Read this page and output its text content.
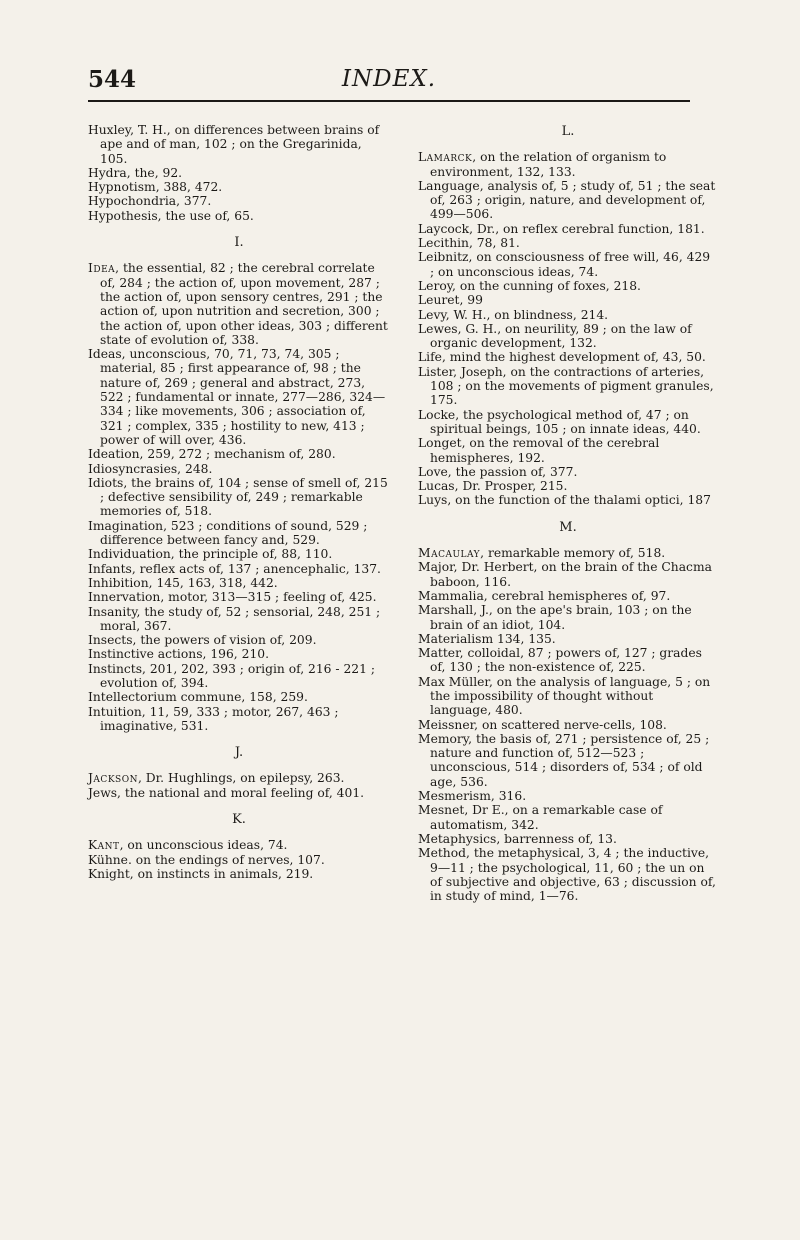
544	INDEX.
Huxley, T. H., on differences between brains of ape and of man, 102 ; on the Gregarinida, 105.
Hydra, the, 92.
Hypnotism, 388, 472.
Hypochondria, 377.
Hypothesis, the use of, 65.
I.
Idea, the essential, 82 ; the cerebral correlate of, 284 ; the action of, upon movement, 287 ; the action of, upon sensory centres, 291 ; the action of, upon nutrition and secretion, 300 ; the action of, upon other ideas, 303 ; different state of evolution of, 338.
Ideas, unconscious, 70, 71, 73, 74, 305 ; material, 85 ; first appearance of, 98 ; the nature of, 269 ; general and abstract, 273, 522 ; fundamental or innate, 277—286, 324—334 ; like movements, 306 ; association of, 321 ; complex, 335 ; hostility to new, 413 ; power of will over, 436.
Ideation, 259, 272 ; mechanism of, 280.
Idiosyncrasies, 248.
Idiots, the brains of, 104 ; sense of smell of, 215 ; defective sensibility of, 249 ; remarkable memories of, 518.
Imagination, 523 ; conditions of sound, 529 ; difference between fancy and, 529.
Individuation, the principle of, 88, 110.
Infants, reflex acts of, 137 ; anencephalic, 137.
Inhibition, 145, 163, 318, 442.
Innervation, motor, 313—315 ; feeling of, 425.
Insanity, the study of, 52 ; sensorial, 248, 251 ; moral, 367.
Insects, the powers of vision of, 209.
Instinctive actions, 196, 210.
Instincts, 201, 202, 393 ; origin of, 216 - 221 ; evolution of, 394.
Intellectorium commune, 158, 259.
Intuition, 11, 59, 333 ; motor, 267, 463 ; imaginative, 531.
J.
Jackson, Dr. Hughlings, on epilepsy, 263.
Jews, the national and moral feeling of, 401.
K.
Kant, on unconscious ideas, 74.
Kühne. on the endings of nerves, 107.
Knight, on instincts in animals, 219.
L.
Lamarck, on the relation of organism to environment, 132, 133.
Language, analysis of, 5 ; study of, 51 ; the seat of, 263 ; origin, nature, and development of, 499—506.
Laycock, Dr., on reflex cerebral function, 181.
Lecithin, 78, 81.
Leibnitz, on consciousness of free will, 46, 429 ; on unconscious ideas, 74.
Leroy, on the cunning of foxes, 218.
Leuret, 99
Levy, W. H., on blindness, 214.
Lewes, G. H., on neurility, 89 ; on the law of organic development, 132.
Life, mind the highest development of, 43, 50.
Lister, Joseph, on the contractions of arteries, 108 ; on the movements of pigment granules, 175.
Locke, the psychological method of, 47 ; on spiritual beings, 105 ; on innate ideas, 440.
Longet, on the removal of the cerebral hemispheres, 192.
Love, the passion of, 377.
Lucas, Dr. Prosper, 215.
Luys, on the function of the thalami optici, 187
M.
Macaulay, remarkable memory of, 518.
Major, Dr. Herbert, on the brain of the Chacma baboon, 116.
Mammalia, cerebral hemispheres of, 97.
Marshall, J., on the ape's brain, 103 ; on the brain of an idiot, 104.
Materialism 134, 135.
Matter, colloidal, 87 ; powers of, 127 ; grades of, 130 ; the non-existence of, 225.
Max Müller, on the analysis of language, 5 ; on the impossibility of thought without language, 480.
Meissner, on scattered nerve-cells, 108.
Memory, the basis of, 271 ; persistence of, 25 ; nature and function of, 512—523 ; unconscious, 514 ; disorders of, 534 ; of old age, 536.
Mesmerism, 316.
Mesnet, Dr E., on a remarkable case of automatism, 342.
Metaphysics, barrenness of, 13.
Method, the metaphysical, 3, 4 ; the inductive, 9—11 ; the psychological, 11, 60 ; the un on of subjective and objective, 63 ; discussion of, in study of mind, 1—76.
